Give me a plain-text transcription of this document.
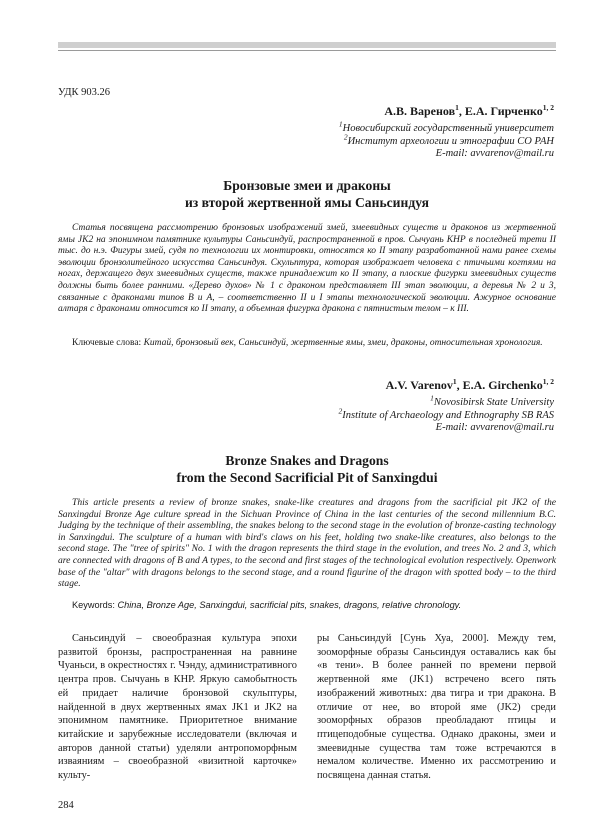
УДК 903.26
А.В. Варенов$^1$, Е.А. Гирченко$^{1, 2}$
$^1$Новосибирский государственный университет
$^2$Институт археологии и этнографии СО РАН
E-mail: avvarenov@mail.ru
Бронзовые змеи и драконы
из второй жертвенной ямы Саньсиндуя
Статья посвящена рассмотрению бронзовых изображений змей, змеевидных существ и драконов из жертвенной ямы JK2 на эпонимном памятнике культуры Саньсиндуй, распространенной в пров. Сычуань КНР в последней трети II тыс. до н.э. Фигуры змей, судя по технологии их монтировки, относятся ко II этапу разработанной нами ранее схемы эволюции бронзолитейного искусства Саньсиндуя. Скульптура, которая изображает человека с птичьими когтями на ногах, держащего двух змеевидных существ, также принадлежит ко II этапу, а плоские фигурки змеевидных существ должны быть более ранними. «Дерево духов» № 1 с драконом представляет III этап эволюции, а деревья № 2 и 3, связанные с драконами типов B и A, – соответственно II и I этапы технологической эволюции. Ажурное основание алтаря с драконами относится ко II этапу, а объемная фигурка дракона с пятнистым телом – к III.
Ключевые слова: Китай, бронзовый век, Саньсиндуй, жертвенные ямы, змеи, драконы, относительная хронология.
A.V. Varenov$^1$, E.A. Girchenko$^{1, 2}$
$^1$Novosibirsk State University
$^2$Institute of Archaeology and Ethnography SB RAS
E-mail: avvarenov@mail.ru
Bronze Snakes and Dragons
from the Second Sacrificial Pit of Sanxingdui
This article presents a review of bronze snakes, snake-like creatures and dragons from the sacrificial pit JK2 of the Sanxingdui Bronze Age culture spread in the Sichuan Province of China in the last centuries of the second millennium B.C. Judging by the technique of their assembling, the snakes belong to the second stage in the evolution of bronze-casting technology in Sanxingdui. The sculpture of a human with bird's claws on his feet, holding two snake-like creatures, also belongs to the second stage. The "tree of spirits" No. 1 with the dragon represents the third stage in the evolution, and trees No. 2 and 3, which are connected with dragons of B and A types, to the second and first stages of the technological evolution respectively. Openwork base of the "altar" with dragons belongs to the second stage, and a round figurine of the dragon with spotted body – to the third stage.
Keywords: China, Bronze Age, Sanxingdui, sacrificial pits, snakes, dragons, relative chronology.
Саньсиндуй – своеобразная культура эпохи развитой бронзы, распространенная на равнине Чуаньси, в окрестностях г. Чэнду, административного центра пров. Сычуань в КНР. Яркую самобытность ей придает наличие бронзовой скульптуры, найденной в двух жертвенных ямах JK1 и JK2 на эпонимном памятнике. Приоритетное внимание китайские и зарубежные исследователи (включая и авторов данной статьи) уделяли антропоморфным изваяниям – своеобразной «визитной карточке» культу-
ры Саньсиндуй [Сунь Хуа, 2000]. Между тем, зооморфные образы Саньсиндуя оставались как бы «в тени». В более ранней по времени первой жертвенной яме (JK1) встречено всего пять изображений животных: два тигра и три дракона. В отличие от нее, во второй яме (JK2) среди зооморфных образов преобладают птицы и птицеподобные существа. Однако драконы, змеи и змеевидные существа там тоже встречаются в немалом количестве. Именно их рассмотрению и посвящена данная статья.
284
